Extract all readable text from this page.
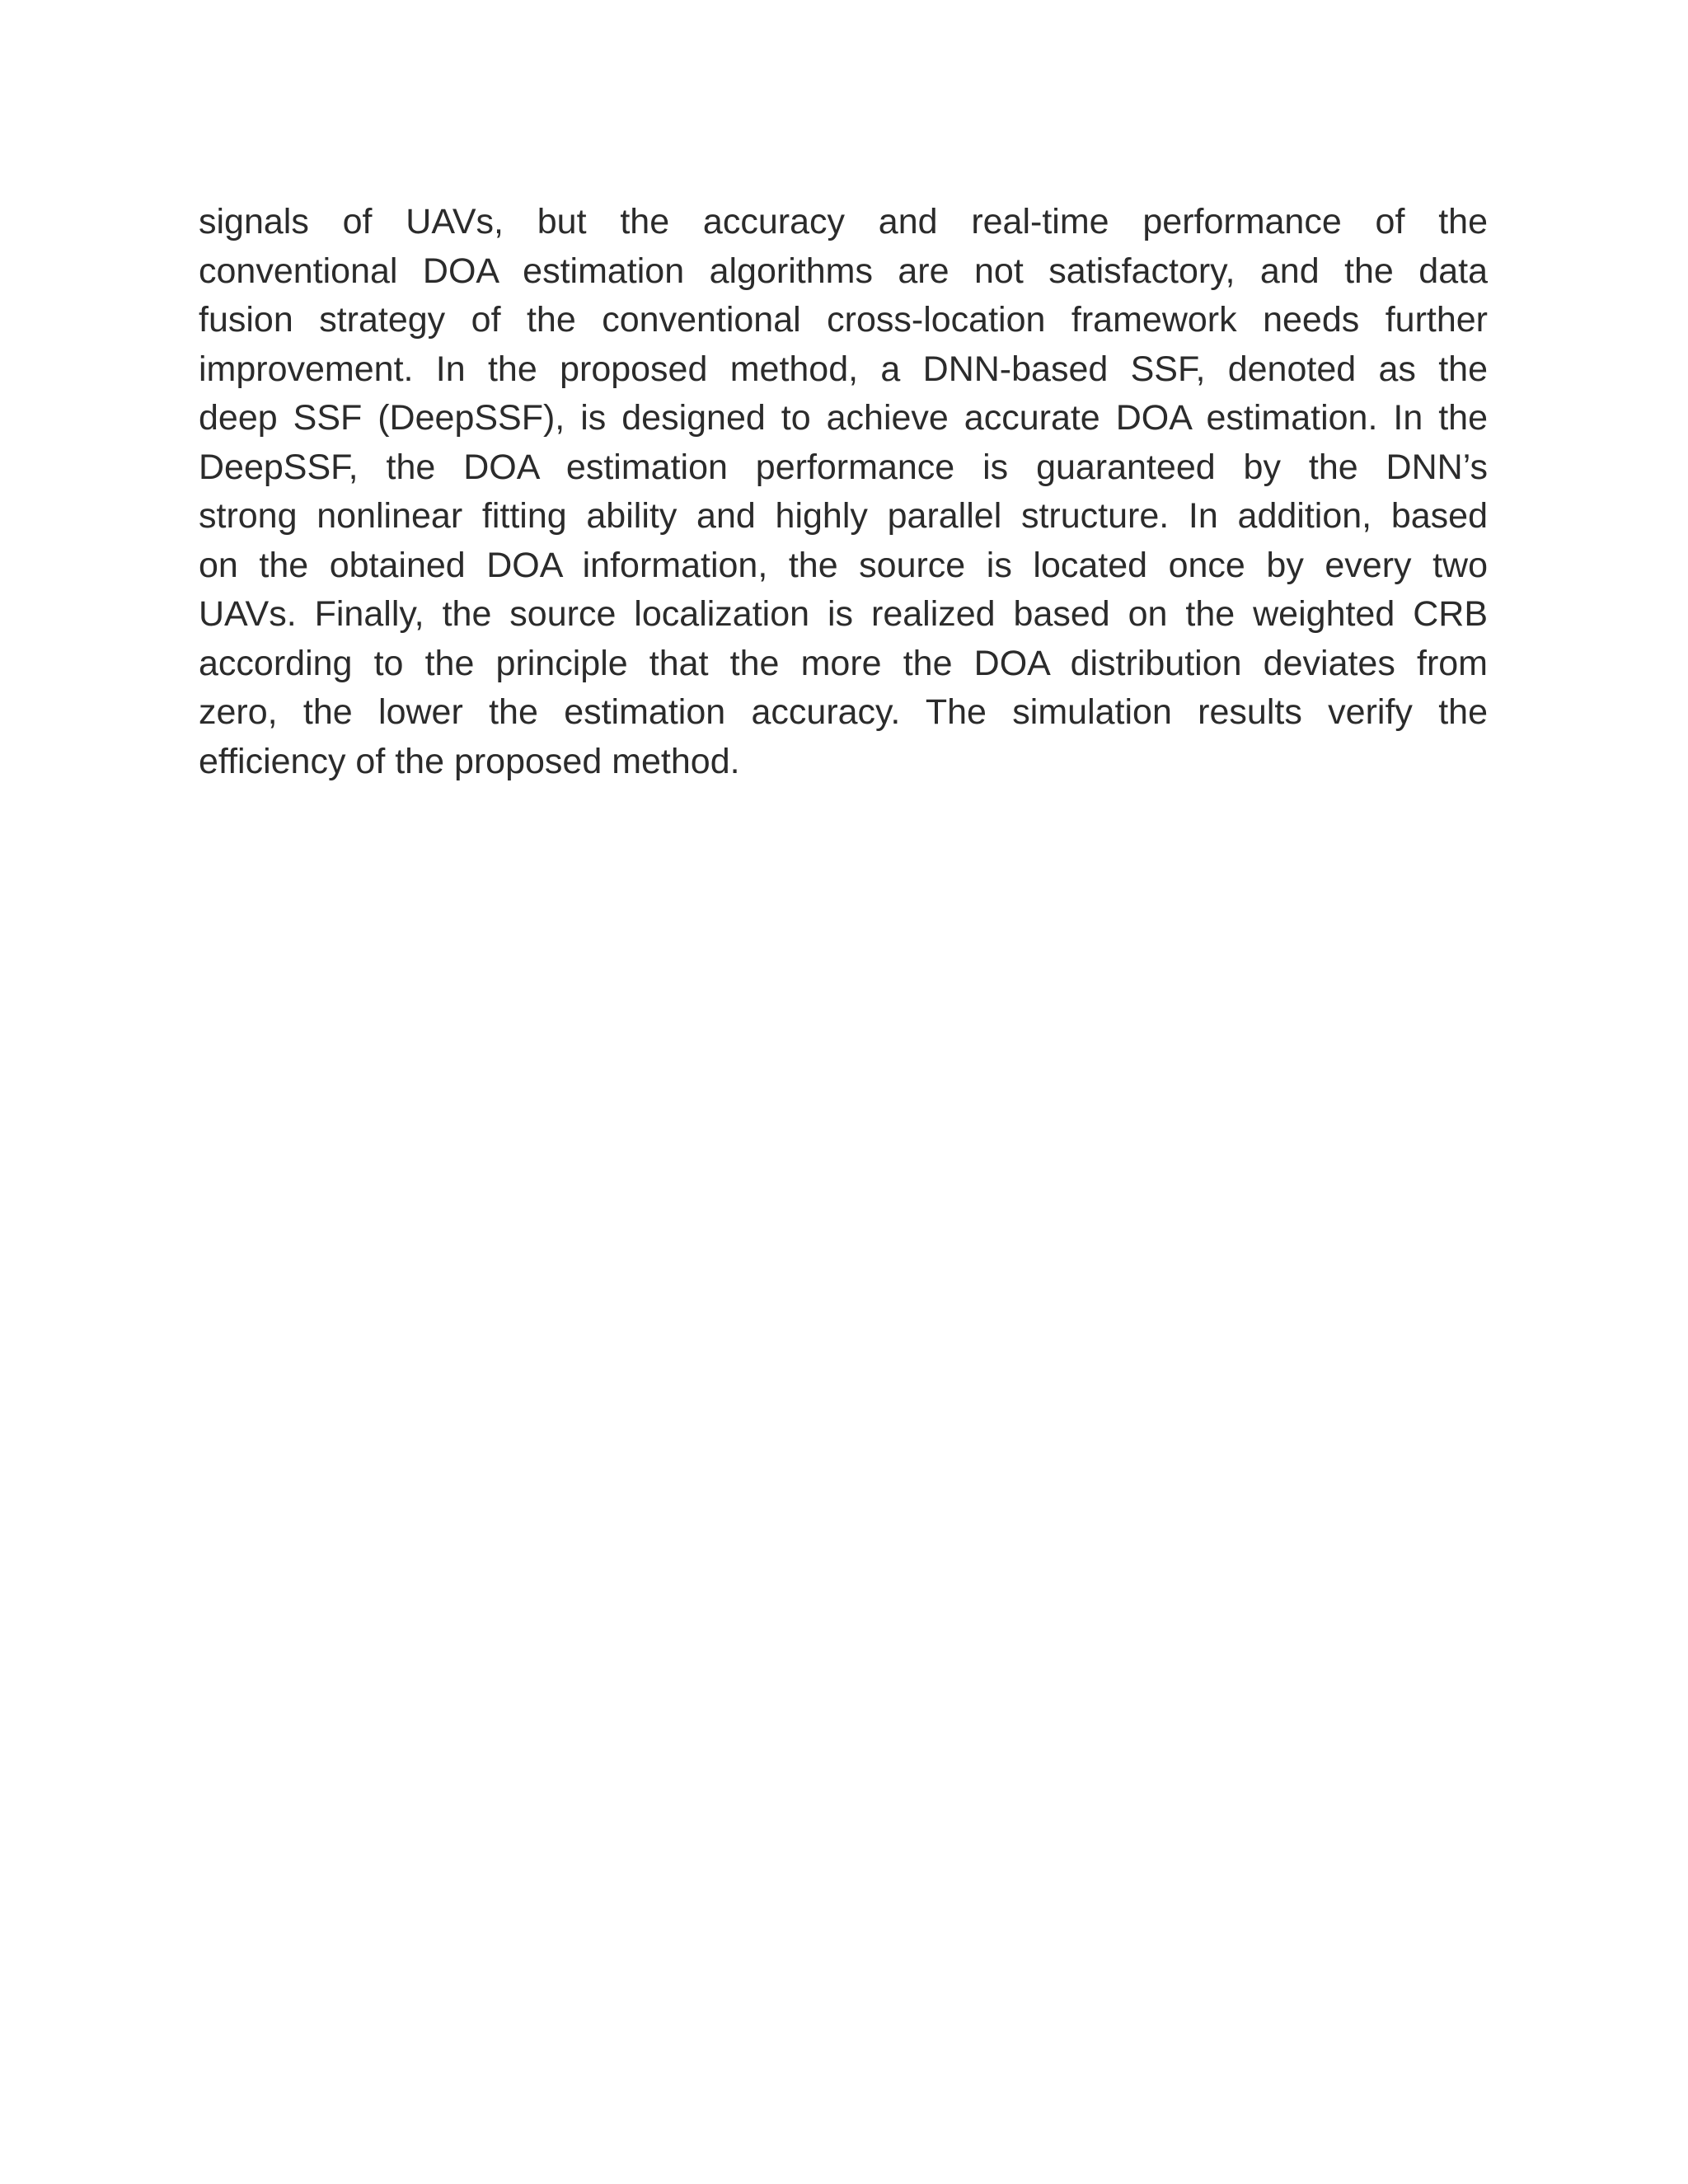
signals of UAVs, but the accuracy and real-time performance of the
conventional DOA estimation algorithms are not satisfactory, and the data
fusion strategy of the conventional cross-location framework needs further
improvement. In the proposed method, a DNN-based SSF, denoted as the
deep SSF (DeepSSF), is designed to achieve accurate DOA estimation. In the
DeepSSF, the DOA estimation performance is guaranteed by the DNN’s
strong nonlinear fitting ability and highly parallel structure. In addition, based
on the obtained DOA information, the source is located once by every two
UAVs. Finally, the source localization is realized based on the weighted CRB
according to the principle that the more the DOA distribution deviates from
zero, the lower the estimation accuracy. The simulation results verify the
efficiency of the proposed method.
